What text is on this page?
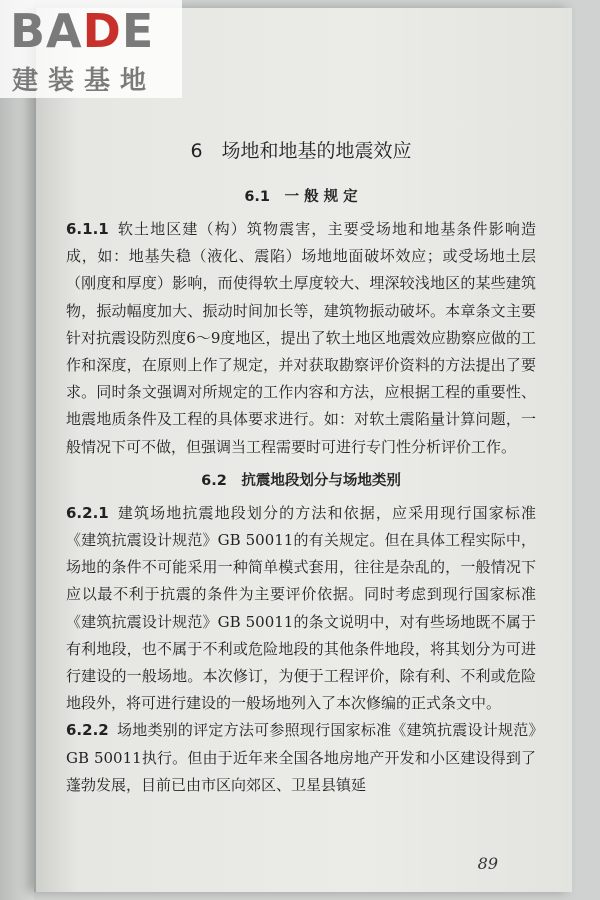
89
BADE
建装基地
6　场地和地基的地震效应
6.1　一 般 规 定

6.1.1 软土地区建（构）筑物震害，主要受场地和地基条件影响造成，如：地基失稳（液化、震陷）场地地面破坏效应；或受场地土层（刚度和厚度）影响，而使得软土厚度较大、埋深较浅地区的某些建筑物，振动幅度加大、振动时间加长等，建筑物振动破坏。本章条文主要针对抗震设防烈度6～9度地区，提出了软土地区地震效应勘察应做的工作和深度，在原则上作了规定，并对获取勘察评价资料的方法提出了要求。同时条文强调对所规定的工作内容和方法，应根据工程的重要性、地震地质条件及工程的具体要求进行。如：对软土震陷量计算问题，一般情况下可不做，但强调当工程需要时可进行专门性分析评价工作。

6.2　抗震地段划分与场地类别

6.2.1 建筑场地抗震地段划分的方法和依据，应采用现行国家标准《建筑抗震设计规范》GB 50011的有关规定。但在具体工程实际中，场地的条件不可能采用一种简单模式套用，往往是杂乱的，一般情况下应以最不利于抗震的条件为主要评价依据。同时考虑到现行国家标准《建筑抗震设计规范》GB 50011的条文说明中，对有些场地既不属于有利地段，也不属于不利或危险地段的其他条件地段，将其划分为可进行建设的一般场地。本次修订，为便于工程评价，除有利、不利或危险地段外，将可进行建设的一般场地列入了本次修编的正式条文中。

6.2.2 场地类别的评定方法可参照现行国家标准《建筑抗震设计规范》GB 50011执行。但由于近年来全国各地房地产开发和小区建设得到了蓬勃发展，目前已由市区向郊区、卫星县镇延
